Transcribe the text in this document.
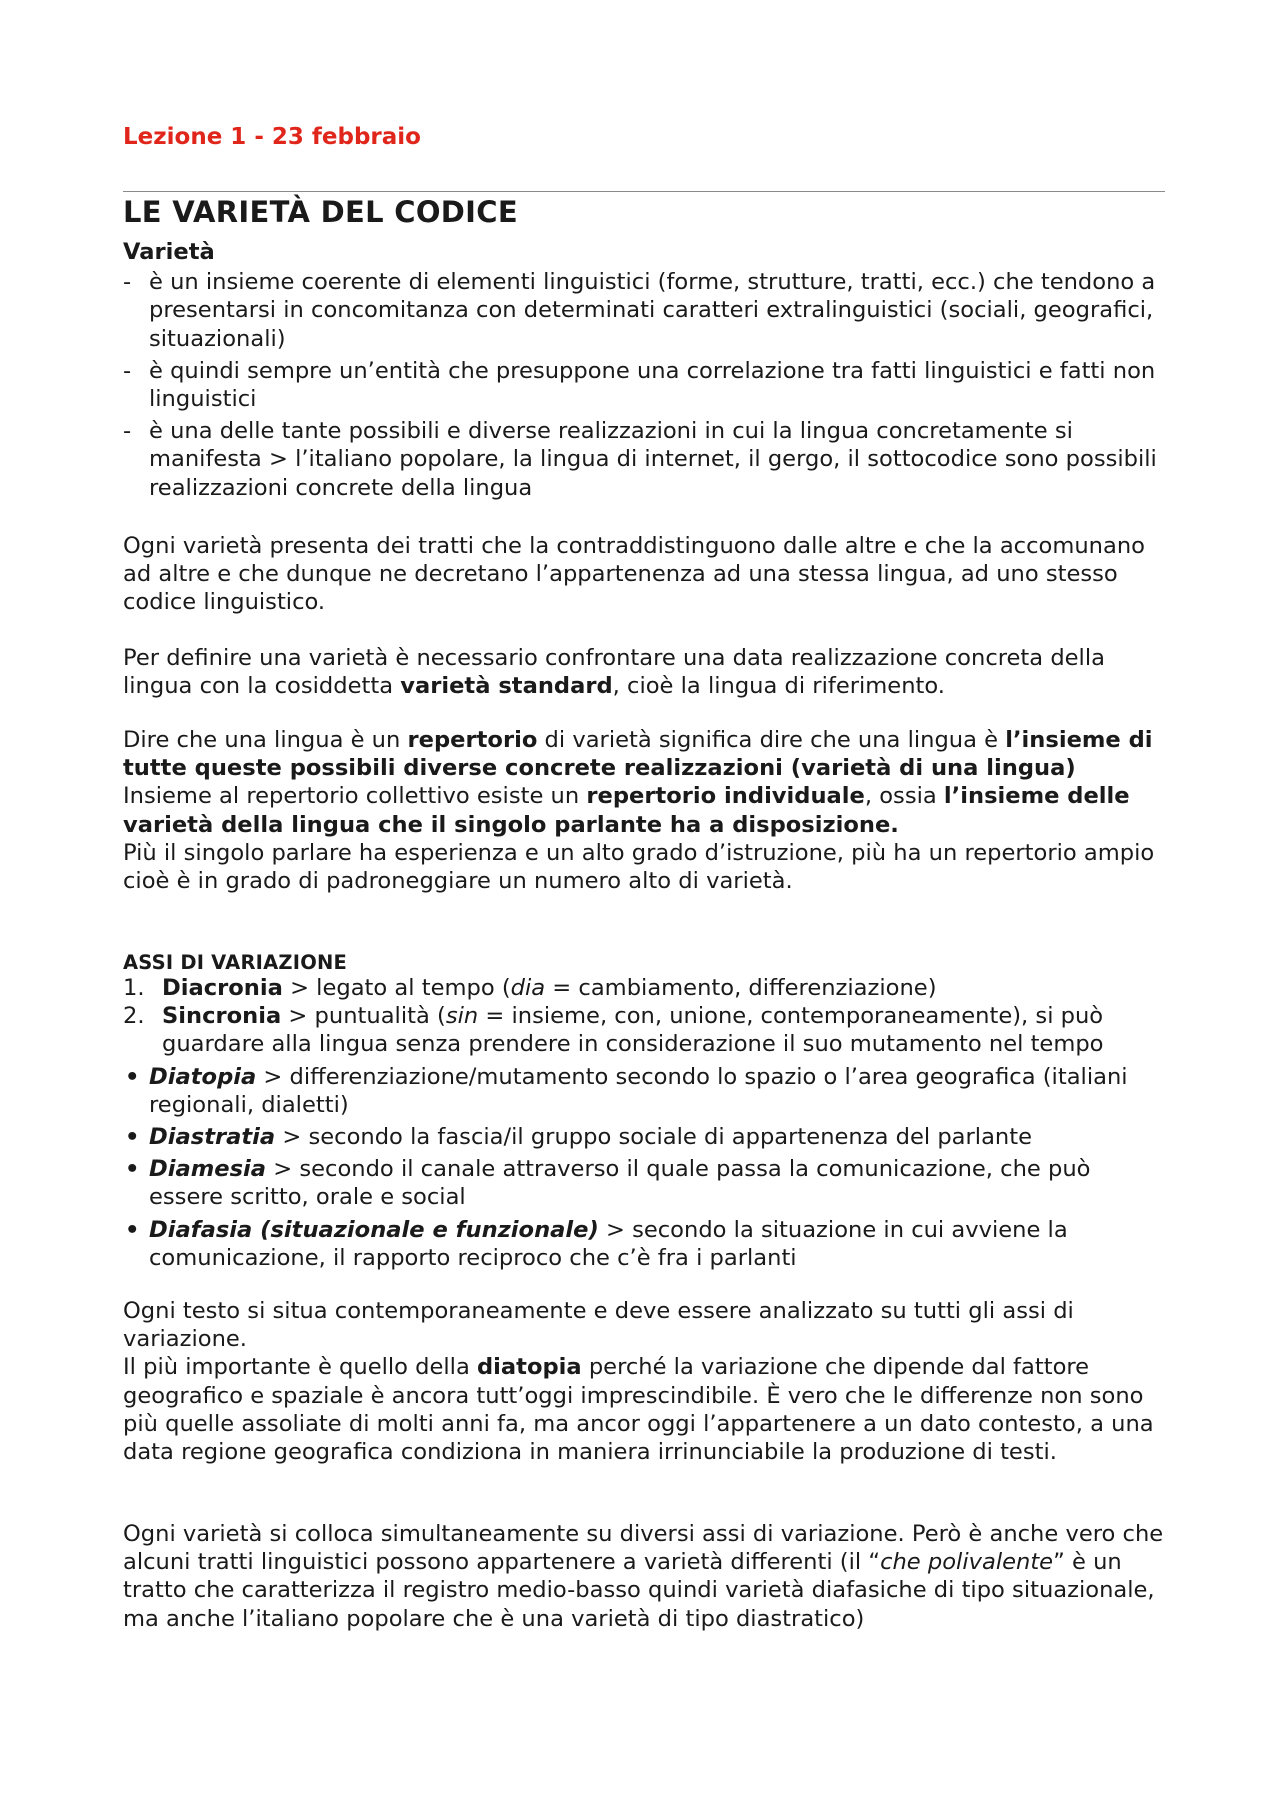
Lezione 1 - 23 febbraio
LE VARIETÀ DEL CODICE
Varietà
- è un insieme coerente di elementi linguistici (forme, strutture, tratti, ecc.) che tendono a presentarsi in concomitanza con determinati caratteri extralinguistici (sociali, geografici, situazionali)
- è quindi sempre un’entità che presuppone una correlazione tra fatti linguistici e fatti non linguistici
- è una delle tante possibili e diverse realizzazioni in cui la lingua concretamente si manifesta > l’italiano popolare, la lingua di internet, il gergo, il sottocodice sono possibili realizzazioni concrete della lingua
Ogni varietà presenta dei tratti che la contraddistinguono dalle altre e che la accomunano ad altre e che dunque ne decretano l’appartenenza ad una stessa lingua, ad uno stesso codice linguistico.
Per definire una varietà è necessario confrontare una data realizzazione concreta della lingua con la cosiddetta varietà standard, cioè la lingua di riferimento.
Dire che una lingua è un repertorio di varietà significa dire che una lingua è l’insieme di tutte queste possibili diverse concrete realizzazioni (varietà di una lingua)
Insieme al repertorio collettivo esiste un repertorio individuale, ossia l’insieme delle varietà della lingua che il singolo parlante ha a disposizione.
Più il singolo parlare ha esperienza e un alto grado d’istruzione, più ha un repertorio ampio cioè è in grado di padroneggiare un numero alto di varietà.
ASSI DI VARIAZIONE
1. Diacronia > legato al tempo (dia = cambiamento, differenziazione)
2. Sincronia > puntualità (sin = insieme, con, unione, contemporaneamente), si può guardare alla lingua senza prendere in considerazione il suo mutamento nel tempo
• Diatopia > differenziazione/mutamento secondo lo spazio o l’area geografica (italiani regionali, dialetti)
• Diastratia > secondo la fascia/il gruppo sociale di appartenenza del parlante
• Diamesia > secondo il canale attraverso il quale passa la comunicazione, che può essere scritto, orale e social
• Diafasia (situazionale e funzionale) > secondo la situazione in cui avviene la comunicazione, il rapporto reciproco che c’è fra i parlanti
Ogni testo si situa contemporaneamente e deve essere analizzato su tutti gli assi di variazione.
Il più importante è quello della diatopia perché la variazione che dipende dal fattore geografico e spaziale è ancora tutt’oggi imprescindibile. È vero che le differenze non sono più quelle assoliate di molti anni fa, ma ancor oggi l’appartenere a un dato contesto, a una data regione geografica condiziona in maniera irrinunciabile la produzione di testi.
Ogni varietà si colloca simultaneamente su diversi assi di variazione. Però è anche vero che alcuni tratti linguistici possono appartenere a varietà differenti (il “che polivalente” è un tratto che caratterizza il registro medio-basso quindi varietà diafasiche di tipo situazionale, ma anche l’italiano popolare che è una varietà di tipo diastratico)
